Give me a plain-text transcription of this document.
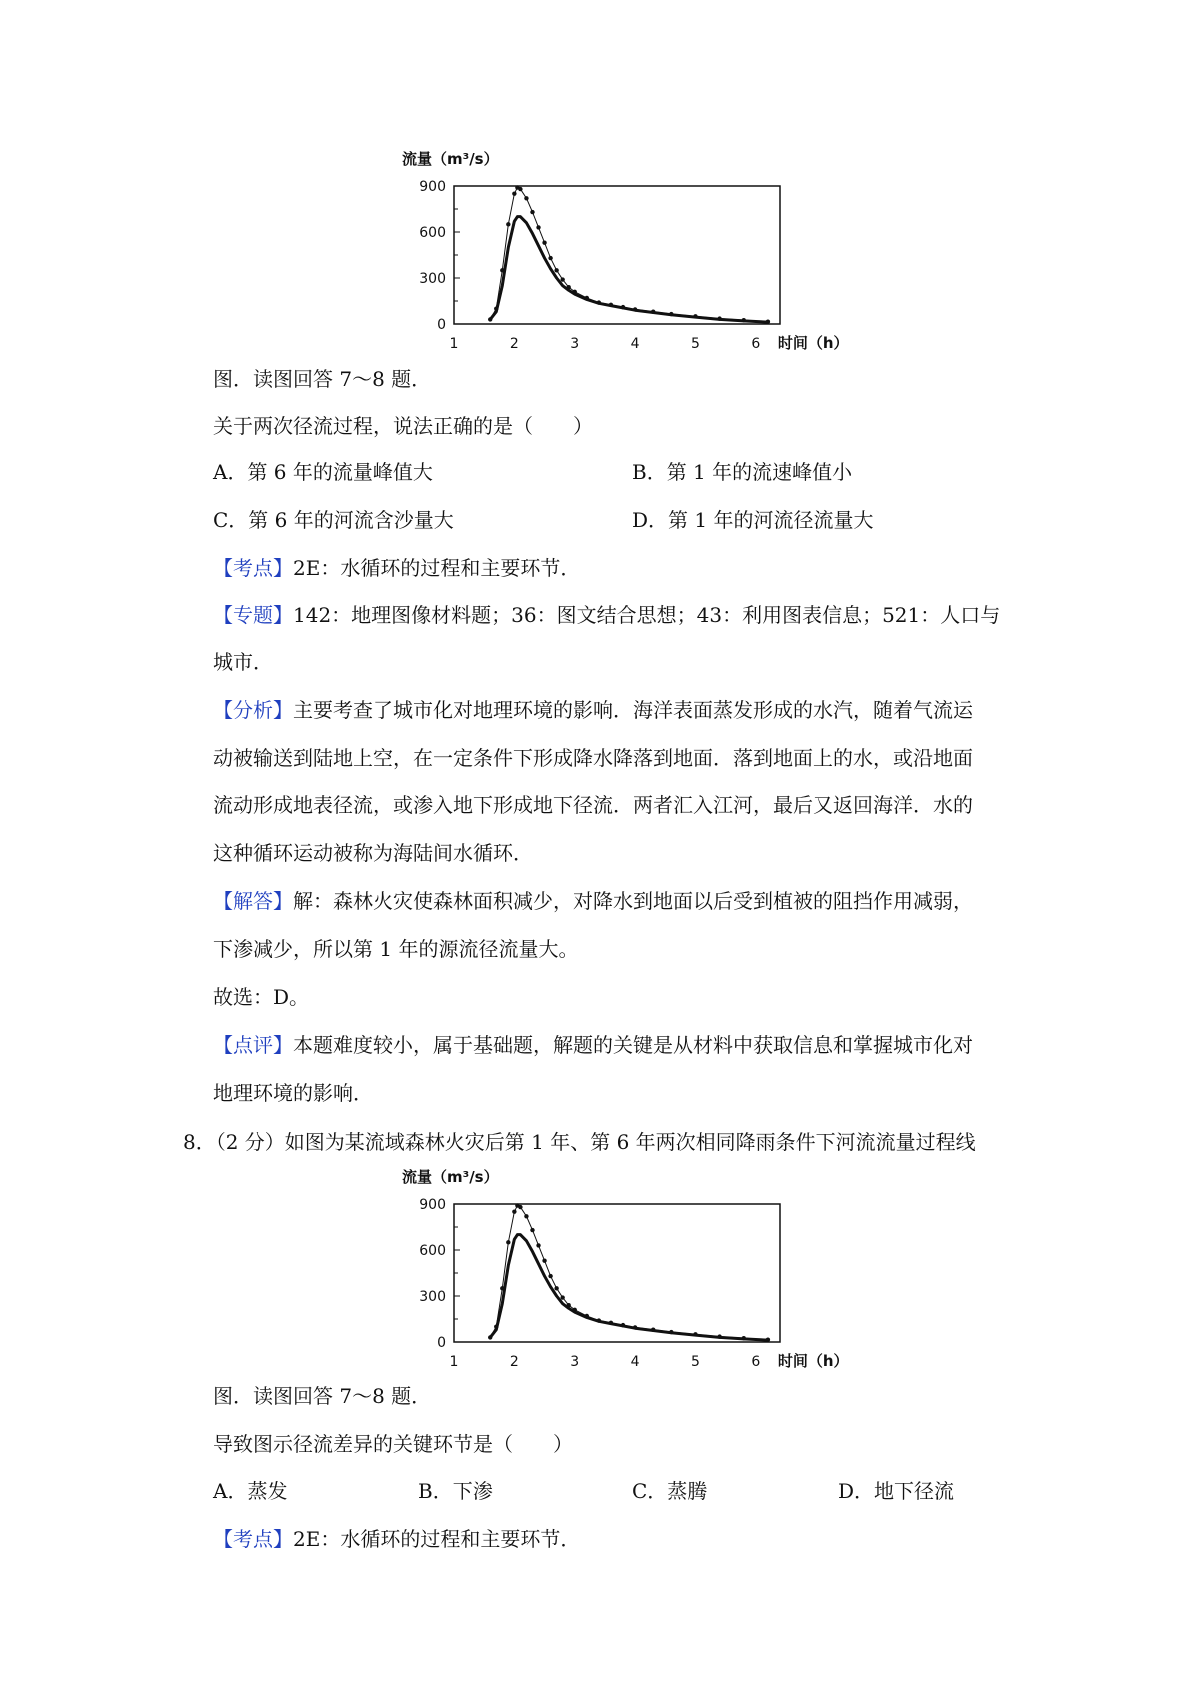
流量（m³/s）
0
300
600
900
1	2	3	4	5	6 时间（h）
图．读图回答 7～8 题．
关于两次径流过程，说法正确的是（　　）
A．第 6 年的流量峰值大	B．第 1 年的流速峰值小
C．第 6 年的河流含沙量大	D．第 1 年的河流径流量大
【考点】2E：水循环的过程和主要环节．
【专题】142：地理图像材料题；36：图文结合思想；43：利用图表信息；521：人口与
城市．
【分析】主要考查了城市化对地理环境的影响．海洋表面蒸发形成的水汽，随着气流运
动被输送到陆地上空，在一定条件下形成降水降落到地面．落到地面上的水，或沿地面
流动形成地表径流，或渗入地下形成地下径流．两者汇入江河，最后又返回海洋．水的
这种循环运动被称为海陆间水循环．
【解答】解：森林火灾使森林面积减少，对降水到地面以后受到植被的阻挡作用减弱，
下渗减少，所以第 1 年的源流径流量大。
故选：D。
【点评】本题难度较小，属于基础题，解题的关键是从材料中获取信息和掌握城市化对
地理环境的影响．
8．（2 分）如图为某流域森林火灾后第 1 年、第 6 年两次相同降雨条件下河流流量过程线
流量（m³/s）
0
300
600
900
1	2	3	4	5	6 时间（h）
图．读图回答 7～8 题．
导致图示径流差异的关键环节是（　　）
A．蒸发	B．下渗	C．蒸腾	D．地下径流
【考点】2E：水循环的过程和主要环节．
